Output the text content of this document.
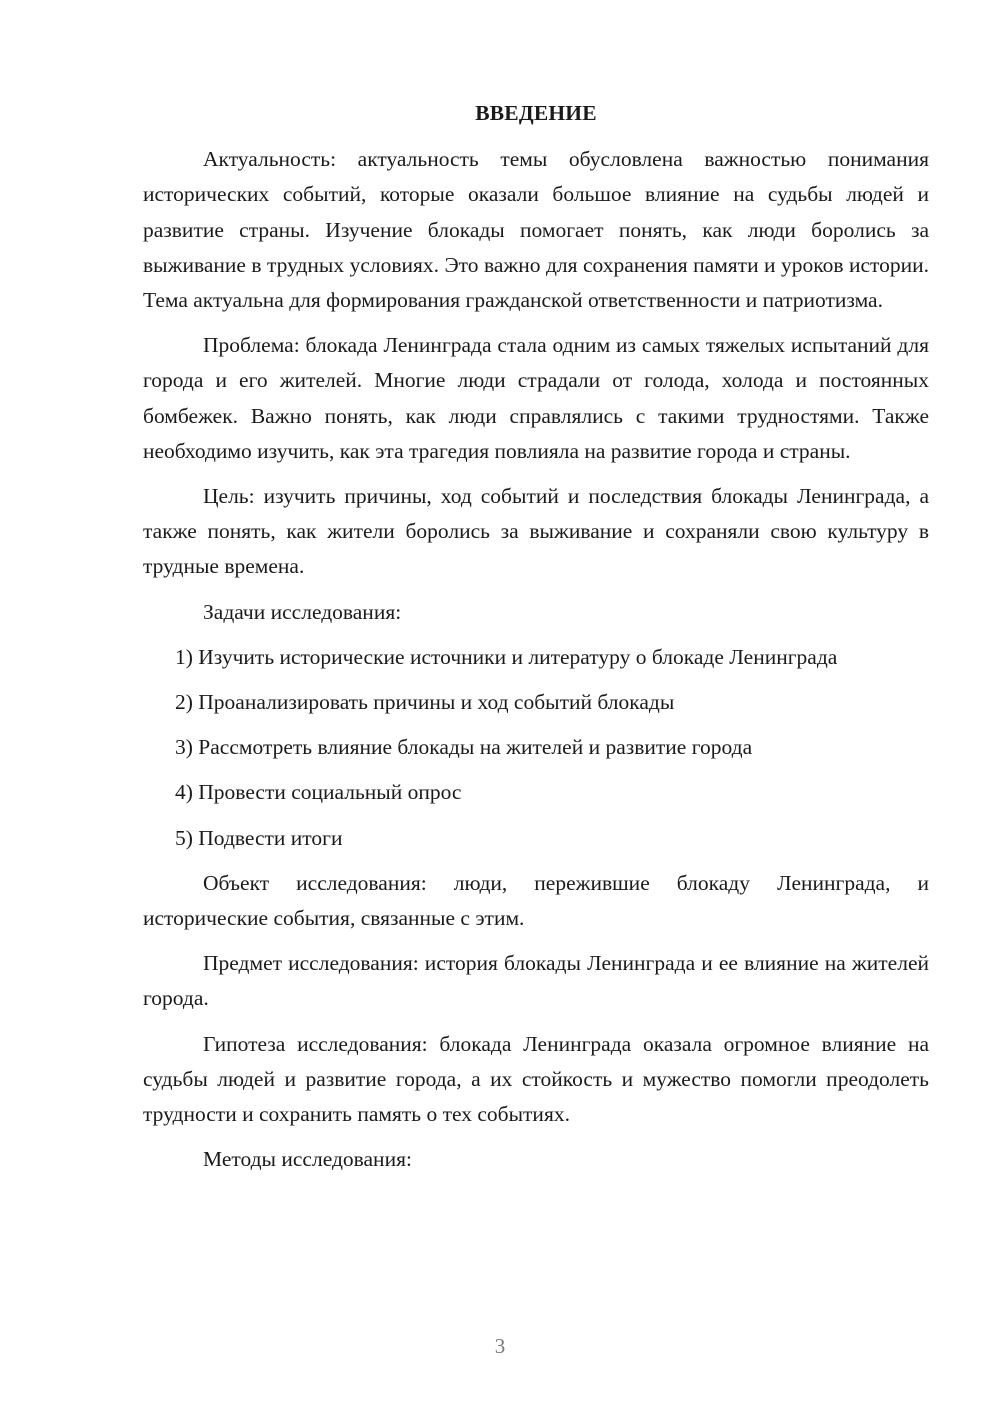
ВВЕДЕНИЕ

Актуальность: актуальность темы обусловлена важностью понимания исторических событий, которые оказали большое влияние на судьбы людей и развитие страны. Изучение блокады помогает понять, как люди боролись за выживание в трудных условиях. Это важно для сохранения памяти и уроков истории. Тема актуальна для формирования гражданской ответственности и патриотизма.

Проблема: блокада Ленинграда стала одним из самых тяжелых испытаний для города и его жителей. Многие люди страдали от голода, холода и постоянных бомбежек. Важно понять, как люди справлялись с такими трудностями. Также необходимо изучить, как эта трагедия повлияла на развитие города и страны.

Цель: изучить причины, ход событий и последствия блокады Ленинграда, а также понять, как жители боролись за выживание и сохраняли свою культуру в трудные времена.

Задачи исследования:

1) Изучить исторические источники и литературу о блокаде Ленинграда

2) Проанализировать причины и ход событий блокады

3) Рассмотреть влияние блокады на жителей и развитие города

4) Провести социальный опрос

5) Подвести итоги

Объект исследования: люди, пережившие блокаду Ленинграда, и исторические события, связанные с этим.

Предмет исследования: история блокады Ленинграда и ее влияние на жителей города.

Гипотеза исследования: блокада Ленинграда оказала огромное влияние на судьбы людей и развитие города, а их стойкость и мужество помогли преодолеть трудности и сохранить память о тех событиях.

Методы исследования:

3
